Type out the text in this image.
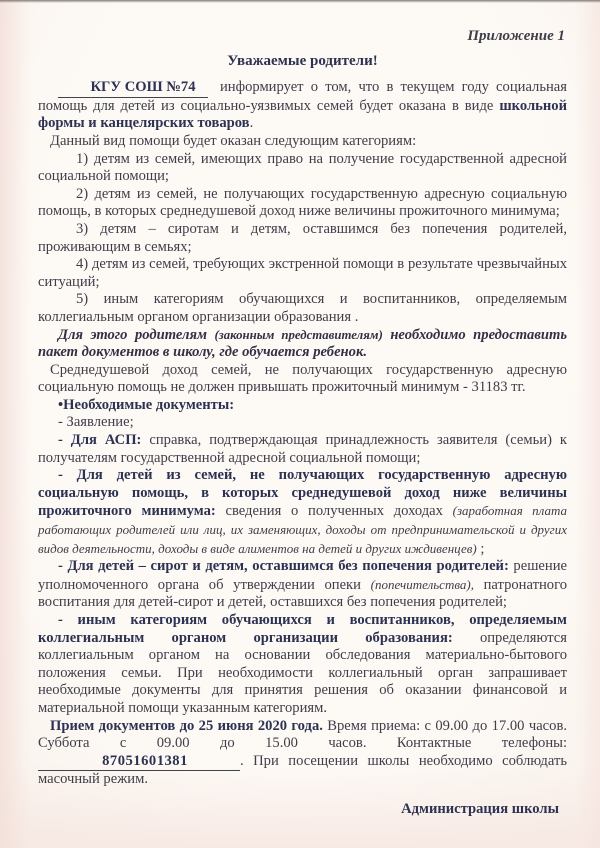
Приложение 1

Уважаемые родители!

КГУ СОШ №74 информирует о том, что в текущем году социальная помощь для детей из социально-уязвимых семей будет оказана в виде школьной формы и канцелярских товаров.

Данный вид помощи будет оказан следующим категориям:

1) детям из семей, имеющих право на получение государственной адресной социальной помощи;

2) детям из семей, не получающих государственную адресную социальную помощь, в которых среднедушевой доход ниже величины прожиточного минимума;

3) детям – сиротам и детям, оставшимся без попечения родителей, проживающим в семьях;

4) детям из семей, требующих экстренной помощи в результате чрезвычайных ситуаций;

5) иным категориям обучающихся и воспитанников, определяемым коллегиальным органом организации образования .

Для этого родителям (законным представителям) необходимо предоставить пакет документов в школу, где обучается ребенок.

Среднедушевой доход семей, не получающих государственную адресную социальную помощь не должен привышать прожиточный минимум - 31183 тг.

•Необходимые документы:

- Заявление;

- Для АСП: справка, подтверждающая принадлежность заявителя (семьи) к получателям государственной адресной социальной помощи;

- Для детей из семей, не получающих государственную адресную социальную помощь, в которых среднедушевой доход ниже величины прожиточного минимума: сведения о полученных доходах (заработная плата работающих родителей или лиц, их заменяющих, доходы от предпринимательской и других видов деятельности, доходы в виде алиментов на детей и других иждивенцев) ;

- Для детей – сирот и детям, оставшимся без попечения родителей: решение уполномоченного органа об утверждении опеки (попечительства), патронатного воспитания для детей-сирот и детей, оставшихся без попечения родителей;

- иным категориям обучающихся и воспитанников, определяемым коллегиальным органом организации образования: определяются коллегиальным органом на основании обследования материально-бытового положения семьи. При необходимости коллегиальный орган запрашивает необходимые документы для принятия решения об оказании финансовой и материальной помощи указанным категориям.

Прием документов до 25 июня 2020 года. Время приема: с 09.00 до 17.00 часов. Суббота с 09.00 до 15.00 часов. Контактные телефоны: 87051601381	. При посещении школы необходимо соблюдать масочный режим.

Администрация школы
